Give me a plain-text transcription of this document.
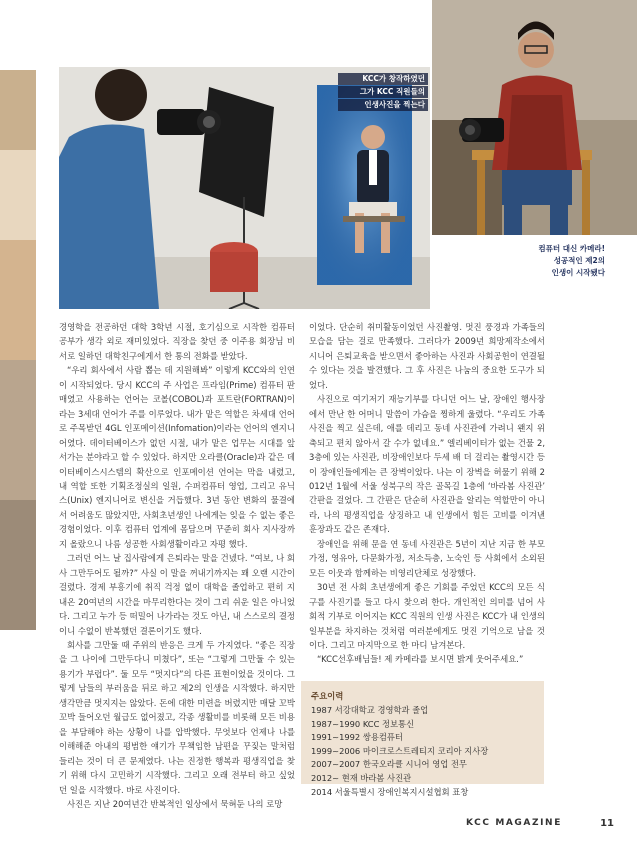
KCC가 창작하였던
그가 KCC 직원들의
인생사진을 찍는다
컴퓨터 대신 카메라!
성공적인 제2의
인생이 시작됐다

경영학을 전공하던 대학 3학년 시절, 호기심으로 시작한 컴퓨터 공부가 생각 외로 재미있었다. 직장을 찾던 중 이주용 회장님 비서로 일하던 대학친구에게서 한 통의 전화를 받았다.

“우리 회사에서 사람 뽑는 데 지원해봐” 이렇게 KCC와의 인연이 시작되었다. 당시 KCC의 주 사업은 프라임(Prime) 컴퓨터 판매였고 사용하는 언어는 코볼(COBOL)과 포트란(FORTRAN)이라는 3세대 언어가 주를 이루었다. 내가 맡은 역할은 차세대 언어로 주목받던 4GL 인포메이션(Infomation)이라는 언어의 엔지니어였다. 데이터베이스가 없던 시절, 내가 맡은 업무는 시대를 앞서가는 분야라고 할 수 있었다. 하지만 오라클(Oracle)과 같은 데이터베이스시스템의 확산으로 인포메이션 언어는 막을 내렸고, 내 역할 또한 기획조정실의 일원, 수퍼컴퓨터 영업, 그리고 유닉스(Unix) 엔지니어로 변신을 거듭했다. 3년 동안 변화의 물결에서 어려움도 많았지만, 사회초년생인 나에게는 잊을 수 없는 좋은 경험이었다. 이후 컴퓨터 업계에 몸담으며 꾸준히 회사 지사장까지 올랐으니 나름 성공한 사회생활이라고 자평 했다.

그러던 어느 날 집사람에게 은퇴라는 말을 건넸다. “여보, 나 회사 그만두어도 될까?” 사실 이 말을 꺼내기까지는 꽤 오랜 시간이 걸렸다. 경제 부흥기에 취직 걱정 없이 대학을 졸업하고 편히 지내온 20여년의 시간을 마무리한다는 것이 그리 쉬운 일은 아니었다. 그리고 누가 등 떠밀어 나가라는 것도 아닌, 내 스스로의 결정이니 수없이 반복했던 결론이기도 했다.

회사를 그만둘 때 주위의 반응은 크게 두 가지였다. “좋은 직장을 그 나이에 그만두다니 미쳤다”, 또는 “그렇게 그만둘 수 있는 용기가 부럽다”. 둘 모두 “멋지다”의 다른 표현이었을 것이다. 그렇게 남들의 부러움을 뒤로 하고 제2의 인생을 시작했다. 하지만 생각만큼 멋지지는 않았다. 돈에 대한 미련을 버렸지만 매달 꼬박꼬박 들어오던 월급도 없어졌고, 각종 생활비를 비롯해 모든 비용을 부담해야 하는 상황이 나를 압박했다. 무엇보다 언제나 나를 이해해준 아내의 평범한 얘기가 무책임한 남편을 꾸짖는 말처럼 들리는 것이 더 큰 문제였다. 나는 진정한 행복과 평생직업을 찾기 위해 다시 고민하기 시작했다. 그리고 오래 전부터 하고 싶었던 일을 시작했다. 바로 사진이다.

사진은 지난 20여년간 반복적인 일상에서 묵혀둔 나의 로망

이었다. 단순히 취미활동이었던 사진촬영. 멋진 풍경과 가족들의 모습을 담는 걸로 만족했다. 그러다가 2009년 희망제작소에서 시니어 은퇴교육을 받으면서 좋아하는 사진과 사회공헌이 연결될 수 있다는 것을 발견했다. 그 후 사진은 나눔의 중요한 도구가 되었다.

사진으로 여기저기 재능기부를 다니던 어느 날, 장애인 행사장에서 만난 한 어머니 말씀이 가슴을 찡하게 울렸다. “우리도 가족사진을 찍고 싶은데, 애를 데리고 동네 사진관에 가려니 왠지 위축되고 편치 않아서 갈 수가 없네요.” 엘리베이터가 없는 건물 2, 3층에 있는 사진관, 비장애인보다 두세 배 더 걸리는 촬영시간 등이 장애인들에게는 큰 장벽이었다. 나는 이 장벽을 허물기 위해 2012년 1월에 서울 성북구의 작은 골목길 1층에 ‘바라봄 사진관’ 간판을 걸었다. 그 간판은 단순히 사진관을 알리는 역할만이 아니라, 나의 평생직업을 상징하고 내 인생에서 힘든 고비를 이겨낸 훈장과도 같은 존재다.

장애인을 위해 문을 연 동네 사진관은 5년이 지난 지금 한 부모가정, 영유아, 다문화가정, 저소득층, 노숙인 등 사회에서 소외된 모든 이웃과 함께하는 비영리단체로 성장했다.

30년 전 사회 초년생에게 좋은 기회를 주었던 KCC의 모든 식구를 사진기를 들고 다시 찾으려 한다. 개인적인 의미를 넘어 사회적 기부로 이어지는 KCC 직원의 인생 사진은 KCC가 내 인생의 일부분을 차지하는 것처럼 여러분에게도 멋진 기억으로 남을 것이다. 그리고 마지막으로 한 마디 남겨본다.

“KCC선후배님들! 제 카메라를 보시면 밝게 웃어주세요.”

주요이력
1987 서강대학교 경영학과 졸업
1987~1990 KCC 정보통신
1991~1992 쌍용컴퓨터
1999~2006 마이크로스트레티지 코리아 지사장
2007~2007 한국오라클 시니어 영업 전무
2012~ 현재 바라봄 사진관
2014 서울특별시 장애인복지시설협회 표창
KCC MAGAZINE	11
